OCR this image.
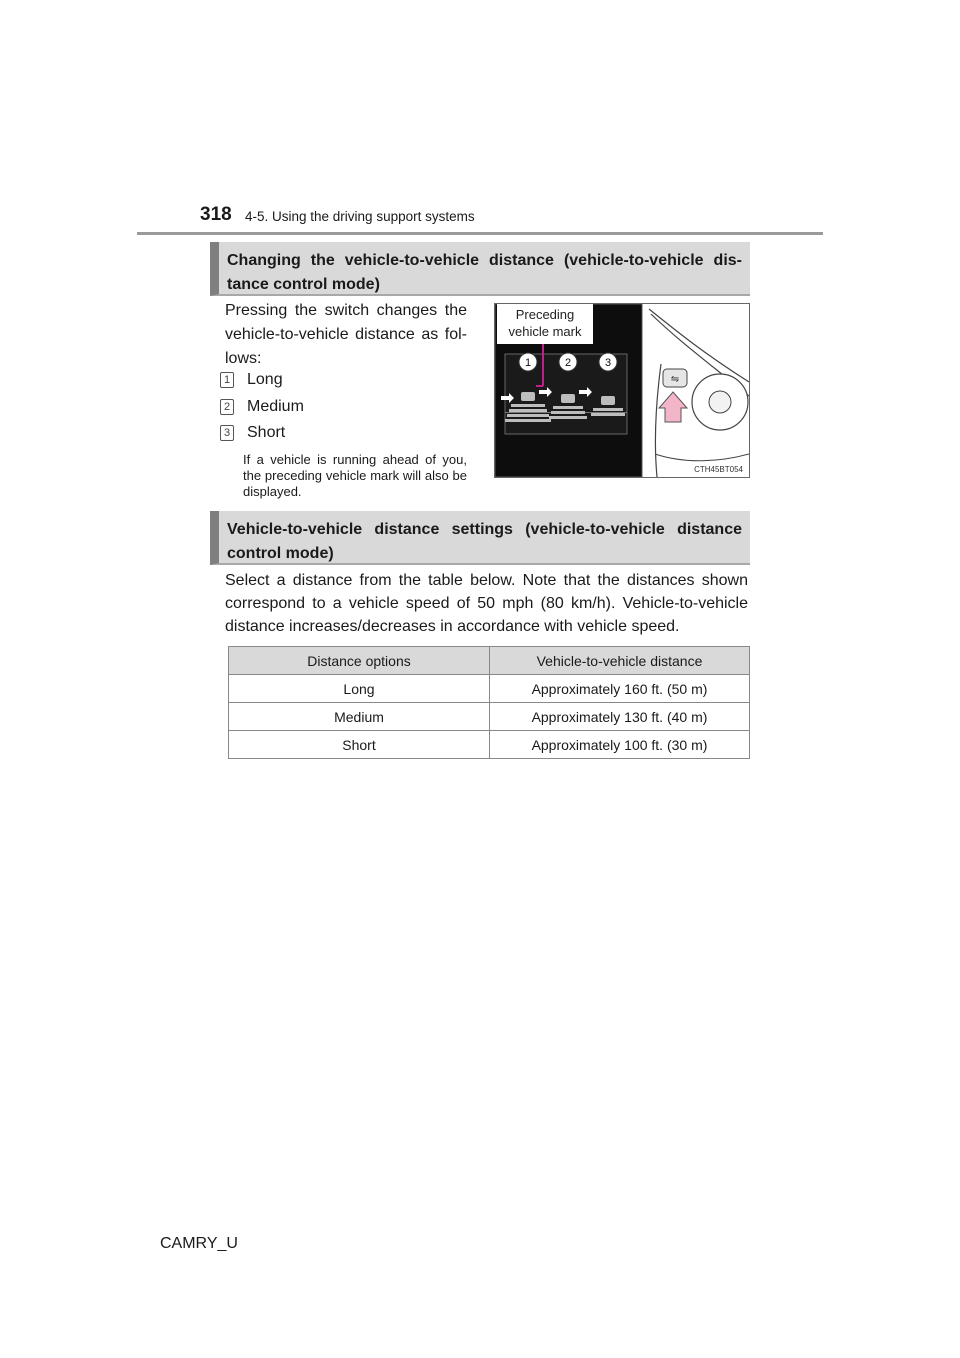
318 4-5. Using the driving support systems
Changing the vehicle-to-vehicle distance (vehicle-to-vehicle dis-tance control mode)
Pressing the switch changes the vehicle-to-vehicle distance as fol-lows:
1 Long
2 Medium
3 Short
If a vehicle is running ahead of you, the preceding vehicle mark will also be displayed.
Preceding
vehicle mark
1	2	3
⇋
CTH45BT054
Vehicle-to-vehicle distance settings (vehicle-to-vehicle distance control mode)
Select a distance from the table below. Note that the distances shown correspond to a vehicle speed of 50 mph (80 km/h). Vehicle-to-vehicle distance increases/decreases in accordance with vehicle speed.
Distance options	Vehicle-to-vehicle distance
Long	Approximately 160 ft. (50 m)
Medium	Approximately 130 ft. (40 m)
Short	Approximately 100 ft. (30 m)
CAMRY_U
